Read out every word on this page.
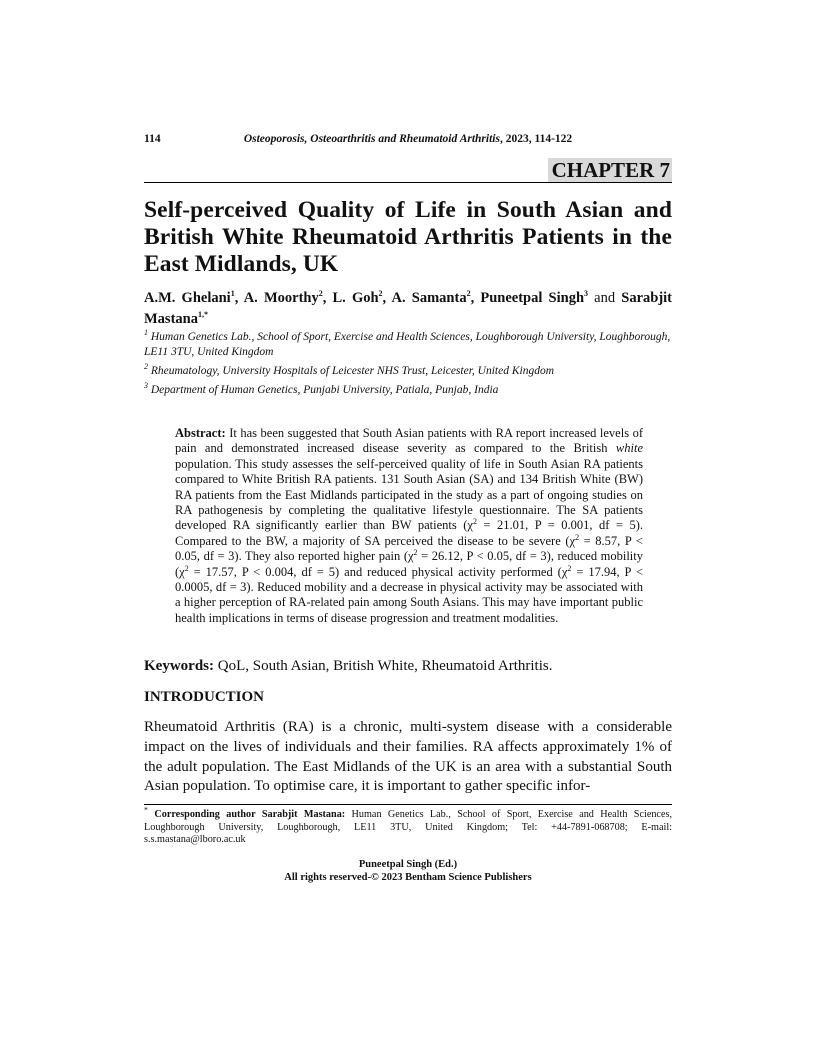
114	Osteoporosis, Osteoarthritis and Rheumatoid Arthritis, 2023, 114-122
CHAPTER 7
Self-perceived Quality of Life in South Asian and British White Rheumatoid Arthritis Patients in the East Midlands, UK
A.M. Ghelani$^1$, A. Moorthy$^2$, L. Goh$^2$, A. Samanta$^2$, Puneetpal Singh$^3$ and Sarabjit Mastana$^{1,*}$

$^1$ Human Genetics Lab., School of Sport, Exercise and Health Sciences, Loughborough University, Loughborough, LE11 3TU, United Kingdom

$^2$ Rheumatology, University Hospitals of Leicester NHS Trust, Leicester, United Kingdom

$^3$ Department of Human Genetics, Punjabi University, Patiala, Punjab, India

Abstract: It has been suggested that South Asian patients with RA report increased levels of pain and demonstrated increased disease severity as compared to the British white population. This study assesses the self-perceived quality of life in South Asian RA patients compared to White British RA patients. 131 South Asian (SA) and 134 British White (BW) RA patients from the East Midlands participated in the study as a part of ongoing studies on RA pathogenesis by completing the qualitative lifestyle questionnaire. The SA patients developed RA significantly earlier than BW patients ($\chi^2 = 21.01$, P = 0.001, df = 5). Compared to the BW, a majority of SA perceived the disease to be severe ($\chi^2 = 8.57$, P < 0.05, df = 3). They also reported higher pain ($\chi^2 = 26.12$, P < 0.05, df = 3), reduced mobility ($\chi^2 = 17.57$, P < 0.004, df = 5) and reduced physical activity performed ($\chi^2 = 17.94$, P < 0.0005, df = 3). Reduced mobility and a decrease in physical activity may be associated with a higher perception of RA-related pain among South Asians. This may have important public health implications in terms of disease progression and treatment modalities.
Keywords: QoL, South Asian, British White, Rheumatoid Arthritis.
INTRODUCTION

Rheumatoid Arthritis (RA) is a chronic, multi-system disease with a considerable impact on the lives of individuals and their families. RA affects approximately 1% of the adult population. The East Midlands of the UK is an area with a substantial South Asian population. To optimise care, it is important to gather specific infor-

* Corresponding author Sarabjit Mastana: Human Genetics Lab., School of Sport, Exercise and Health Sciences, Loughborough University, Loughborough, LE11 3TU, United Kingdom; Tel: +44-7891-068708; E-mail: s.s.mastana@lboro.ac.uk
Puneetpal Singh (Ed.)
All rights reserved-© 2023 Bentham Science Publishers
